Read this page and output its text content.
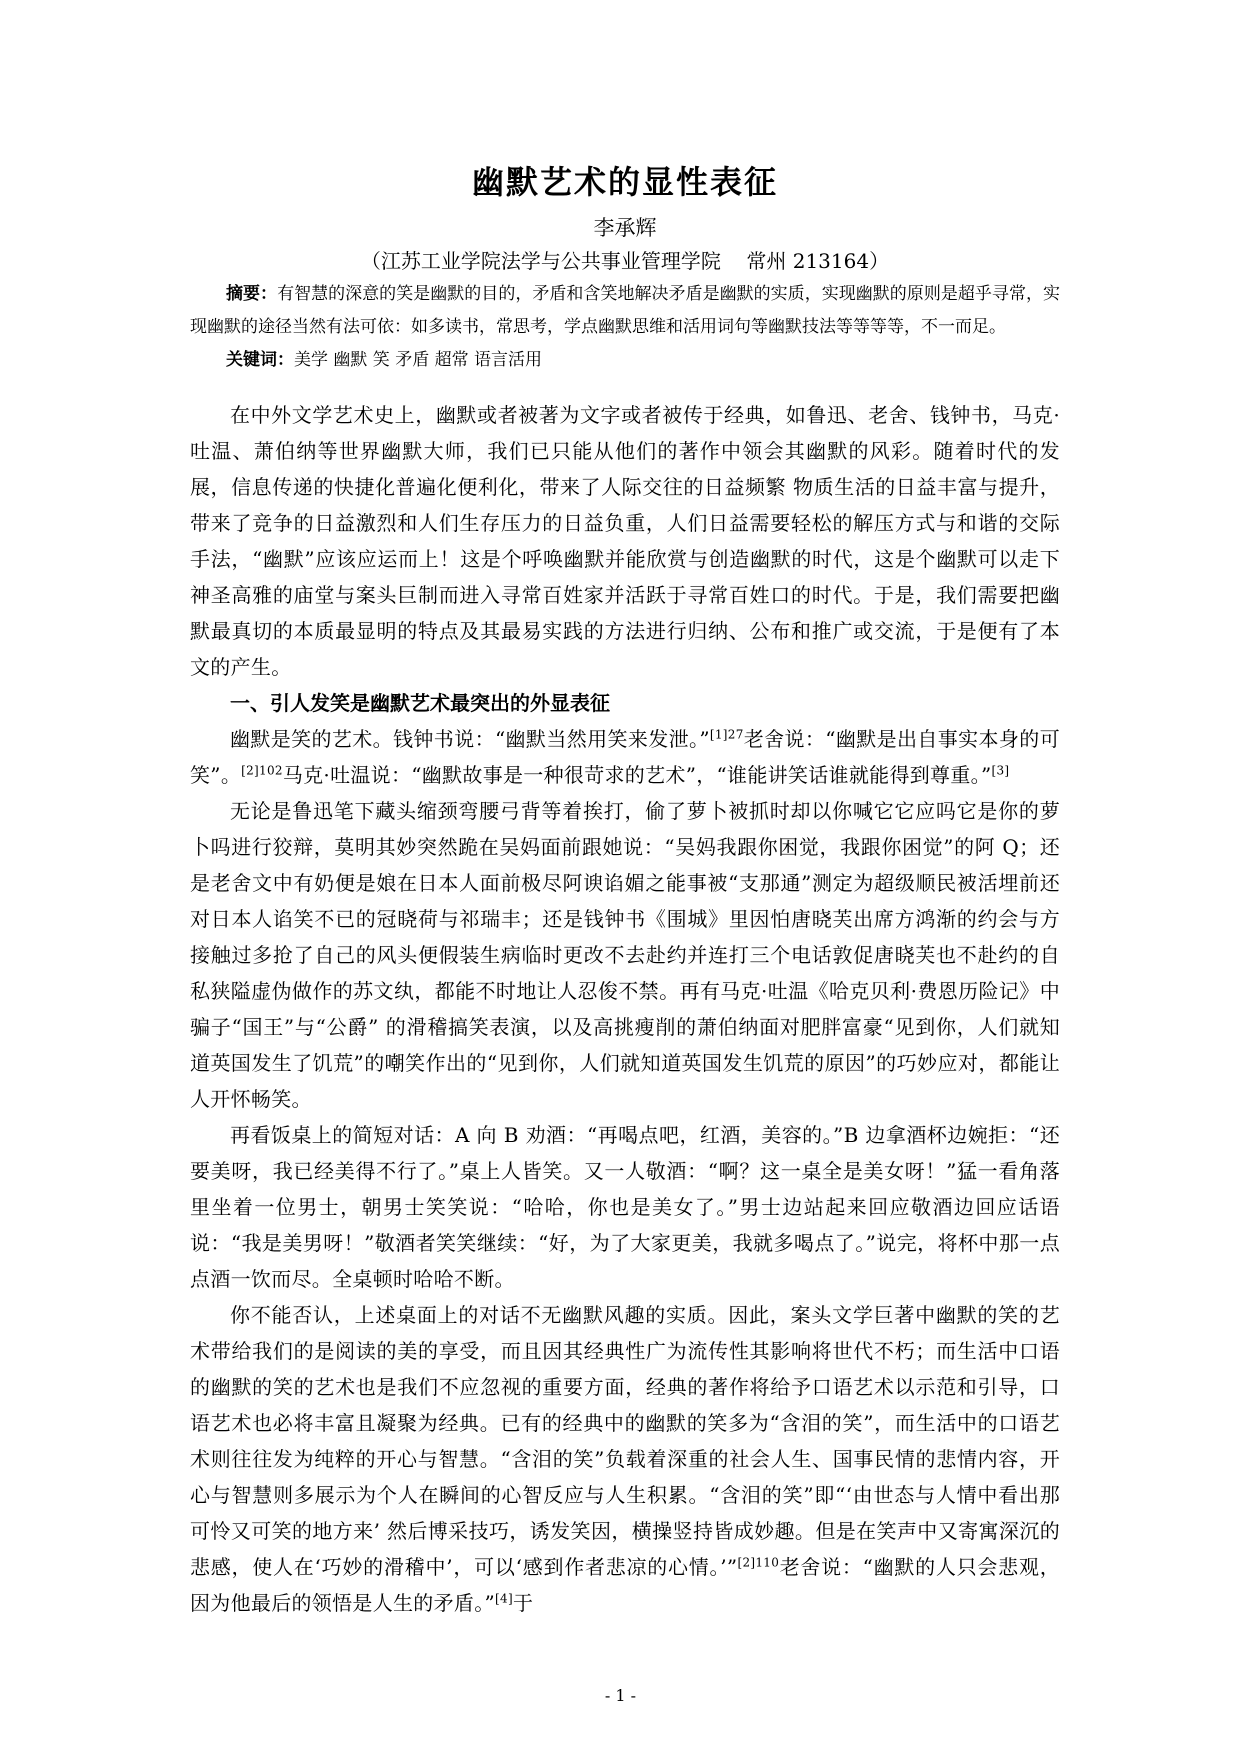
幽默艺术的显性表征
李承辉
（江苏工业学院法学与公共事业管理学院 常州 213164）

摘要：有智慧的深意的笑是幽默的目的，矛盾和含笑地解决矛盾是幽默的实质，实现幽默的原则是超乎寻常，实现幽默的途径当然有法可依：如多读书，常思考，学点幽默思维和活用词句等幽默技法等等等等，不一而足。

关键词：美学 幽默 笑 矛盾 超常 语言活用

在中外文学艺术史上，幽默或者被著为文字或者被传于经典，如鲁迅、老舍、钱钟书，马克·吐温、萧伯纳等世界幽默大师，我们已只能从他们的著作中领会其幽默的风彩。随着时代的发展，信息传递的快捷化普遍化便利化，带来了人际交往的日益频繁 物质生活的日益丰富与提升，带来了竞争的日益激烈和人们生存压力的日益负重，人们日益需要轻松的解压方式与和谐的交际手法，“幽默”应该应运而上！这是个呼唤幽默并能欣赏与创造幽默的时代，这是个幽默可以走下神圣高雅的庙堂与案头巨制而进入寻常百姓家并活跃于寻常百姓口的时代。于是，我们需要把幽默最真切的本质最显明的特点及其最易实践的方法进行归纳、公布和推广或交流，于是便有了本文的产生。

一、引人发笑是幽默艺术最突出的外显表征

幽默是笑的艺术。钱钟书说：“幽默当然用笑来发泄。”$^{[1]27}$老舍说：“幽默是出自事实本身的可笑”。$^{[2]102}$马克·吐温说：“幽默故事是一种很苛求的艺术”，“谁能讲笑话谁就能得到尊重。”[3]

无论是鲁迅笔下藏头缩颈弯腰弓背等着挨打，偷了萝卜被抓时却以你喊它它应吗它是你的萝卜吗进行狡辩，莫明其妙突然跪在吴妈面前跟她说：“吴妈我跟你困觉，我跟你困觉”的阿 Q；还是老舍文中有奶便是娘在日本人面前极尽阿谀谄媚之能事被“支那通”测定为超级顺民被活埋前还对日本人谄笑不已的冠晓荷与祁瑞丰；还是钱钟书《围城》里因怕唐晓芙出席方鸿渐的约会与方接触过多抢了自己的风头便假装生病临时更改不去赴约并连打三个电话敦促唐晓芙也不赴约的自私狭隘虚伪做作的苏文纨，都能不时地让人忍俊不禁。再有马克·吐温《哈克贝利·费恩历险记》中骗子“国王”与“公爵” 的滑稽搞笑表演，以及高挑瘦削的萧伯纳面对肥胖富豪“见到你，人们就知道英国发生了饥荒”的嘲笑作出的“见到你，人们就知道英国发生饥荒的原因”的巧妙应对，都能让人开怀畅笑。

再看饭桌上的简短对话：A 向 B 劝酒：“再喝点吧，红酒，美容的。”B 边拿酒杯边婉拒：“还要美呀，我已经美得不行了。”桌上人皆笑。又一人敬酒：“啊？这一桌全是美女呀！”猛一看角落里坐着一位男士，朝男士笑笑说：“哈哈，你也是美女了。”男士边站起来回应敬酒边回应话语说：“我是美男呀！”敬酒者笑笑继续：“好，为了大家更美，我就多喝点了。”说完，将杯中那一点点酒一饮而尽。全桌顿时哈哈不断。

你不能否认，上述桌面上的对话不无幽默风趣的实质。因此，案头文学巨著中幽默的笑的艺术带给我们的是阅读的美的享受，而且因其经典性广为流传性其影响将世代不朽；而生活中口语的幽默的笑的艺术也是我们不应忽视的重要方面，经典的著作将给予口语艺术以示范和引导，口语艺术也必将丰富且凝聚为经典。已有的经典中的幽默的笑多为“含泪的笑”，而生活中的口语艺术则往往发为纯粹的开心与智慧。“含泪的笑”负载着深重的社会人生、国事民情的悲情内容，开心与智慧则多展示为个人在瞬间的心智反应与人生积累。“含泪的笑”即“‘由世态与人情中看出那可怜又可笑的地方来’ 然后博采技巧，诱发笑因，横操竖持皆成妙趣。但是在笑声中又寄寓深沉的悲感，使人在‘巧妙的滑稽中’，可以‘感到作者悲凉的心情。’”$^{[2]110}$老舍说：“幽默的人只会悲观，因为他最后的领悟是人生的矛盾。”[4]于

- 1 -
